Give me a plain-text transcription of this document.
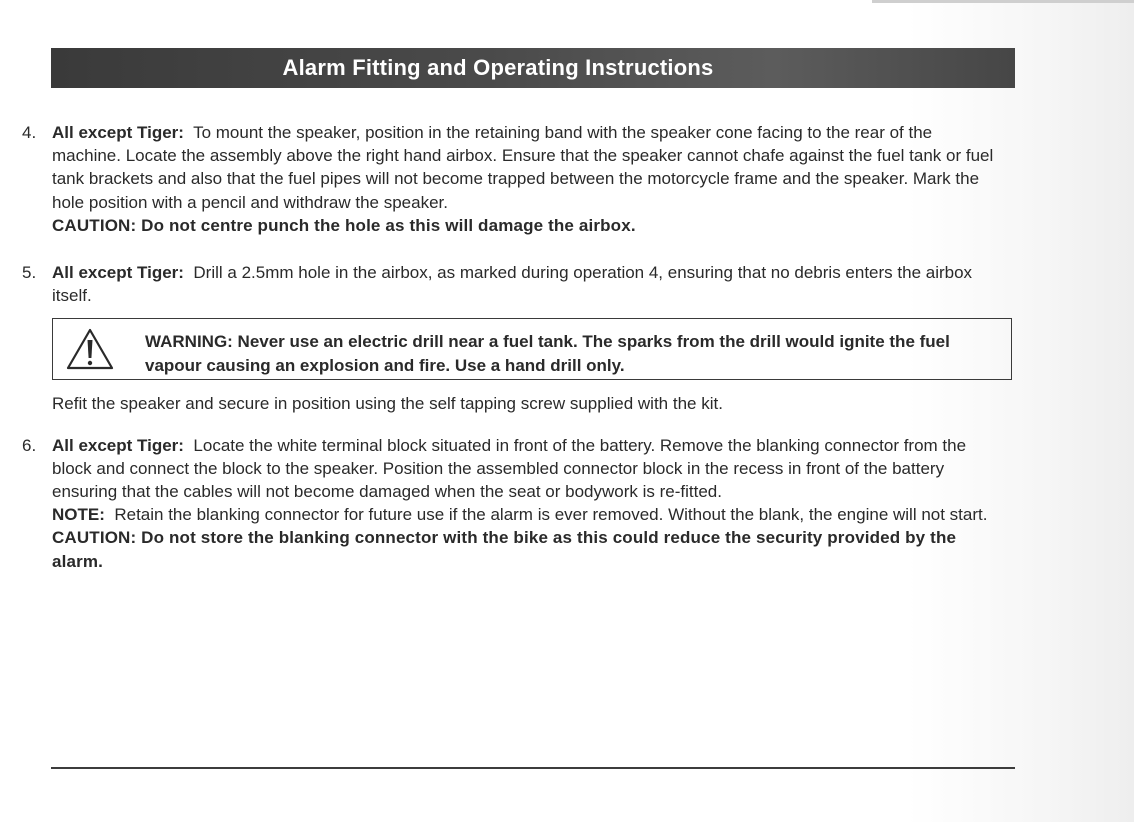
Alarm Fitting and Operating Instructions
4. All except Tiger: To mount the speaker, position in the retaining band with the speaker cone facing to the rear of the machine. Locate the assembly above the right hand airbox. Ensure that the speaker cannot chafe against the fuel tank or fuel tank brackets and also that the fuel pipes will not become trapped between the motorcycle frame and the speaker. Mark the hole position with a pencil and withdraw the speaker.
CAUTION: Do not centre punch the hole as this will damage the airbox.
5. All except Tiger: Drill a 2.5mm hole in the airbox, as marked during operation 4, ensuring that no debris enters the airbox itself.
WARNING: Never use an electric drill near a fuel tank. The sparks from the drill would ignite the fuel vapour causing an explosion and fire. Use a hand drill only.
Refit the speaker and secure in position using the self tapping screw supplied with the kit.
6. All except Tiger: Locate the white terminal block situated in front of the battery. Remove the blanking connector from the block and connect the block to the speaker. Position the assembled connector block in the recess in front of the battery ensuring that the cables will not become damaged when the seat or bodywork is re-fitted.
NOTE: Retain the blanking connector for future use if the alarm is ever removed. Without the blank, the engine will not start.
CAUTION: Do not store the blanking connector with the bike as this could reduce the security provided by the alarm.
